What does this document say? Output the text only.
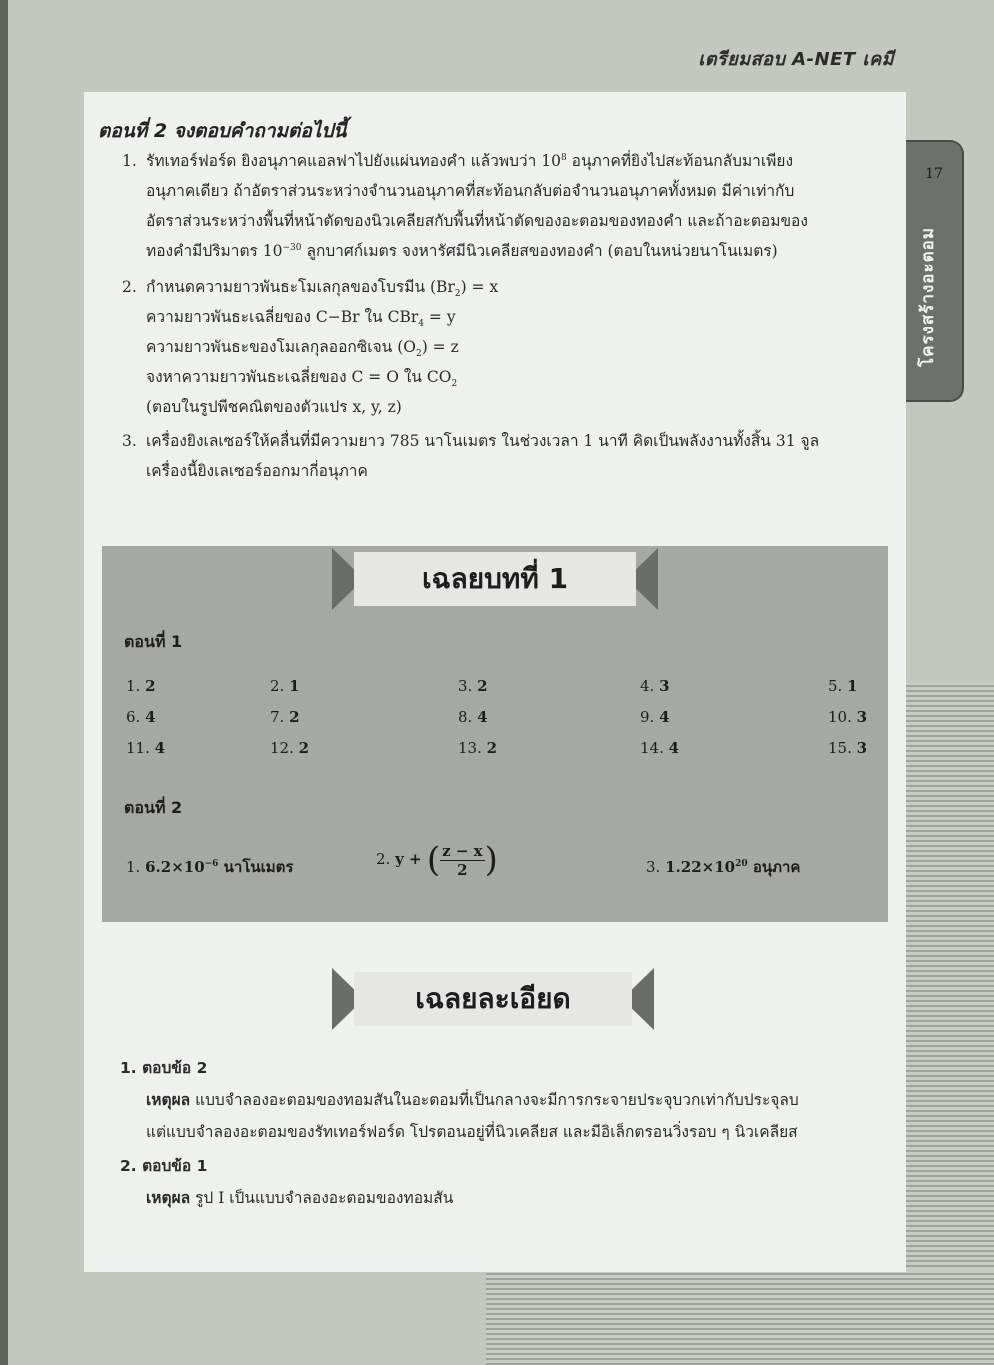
เตรียมสอบ A-NET เคมี
17
โครงสร้างอะตอม
ตอนที่ 2 จงตอบคำถามต่อไปนี้
1. รัทเทอร์ฟอร์ด ยิงอนุภาคแอลฟาไปยังแผ่นทองคำ แล้วพบว่า $10^8$ อนุภาคที่ยิงไปสะท้อนกลับมาเพียง
อนุภาคเดียว ถ้าอัตราส่วนระหว่างจำนวนอนุภาคที่สะท้อนกลับต่อจำนวนอนุภาคทั้งหมด มีค่าเท่ากับ
อัตราส่วนระหว่างพื้นที่หน้าตัดของนิวเคลียสกับพื้นที่หน้าตัดของอะตอมของทองคำ และถ้าอะตอมของ
ทองคำมีปริมาตร $10^{-30}$ ลูกบาศก์เมตร จงหารัศมีนิวเคลียสของทองคำ (ตอบในหน่วยนาโนเมตร)
2. กำหนดความยาวพันธะโมเลกุลของโบรมีน $(Br_2) = x$
ความยาวพันธะเฉลี่ยของ C−Br ใน CBr$_4$ = y
ความยาวพันธะของโมเลกุลออกซิเจน $(O_2) = z$
จงหาความยาวพันธะเฉลี่ยของ C = O ใน $CO_2$
(ตอบในรูปพีชคณิตของตัวแปร x, y, z)
3. เครื่องยิงเลเซอร์ให้คลื่นที่มีความยาว 785 นาโนเมตร ในช่วงเวลา 1 นาที คิดเป็นพลังงานทั้งสิ้น 31 จูล
เครื่องนี้ยิงเลเซอร์ออกมากี่อนุภาค
เฉลยบทที่ 1
ตอนที่ 1
1. 2	2. 1	3. 2	4. 3	5. 1
6. 4	7. 2	8. 4	9. 4	10. 3
11. 4	12. 2	13. 2	14. 4	15. 3
ตอนที่ 2
1. $6.2\times 10^{-6}$ นาโนเมตร	2. y + ( $\frac{z - x}{2}$ )	3. $1.22\times 10^{20}$ อนุภาค
เฉลยละเอียด
1. ตอบข้อ 2
เหตุผล แบบจำลองอะตอมของทอมสันในอะตอมที่เป็นกลางจะมีการกระจายประจุบวกเท่ากับประจุลบ
แต่แบบจำลองอะตอมของรัทเทอร์ฟอร์ด โปรตอนอยู่ที่นิวเคลียส และมีอิเล็กตรอนวิ่งรอบ ๆ นิวเคลียส
2. ตอบข้อ 1
เหตุผล รูป I เป็นแบบจำลองอะตอมของทอมสัน
